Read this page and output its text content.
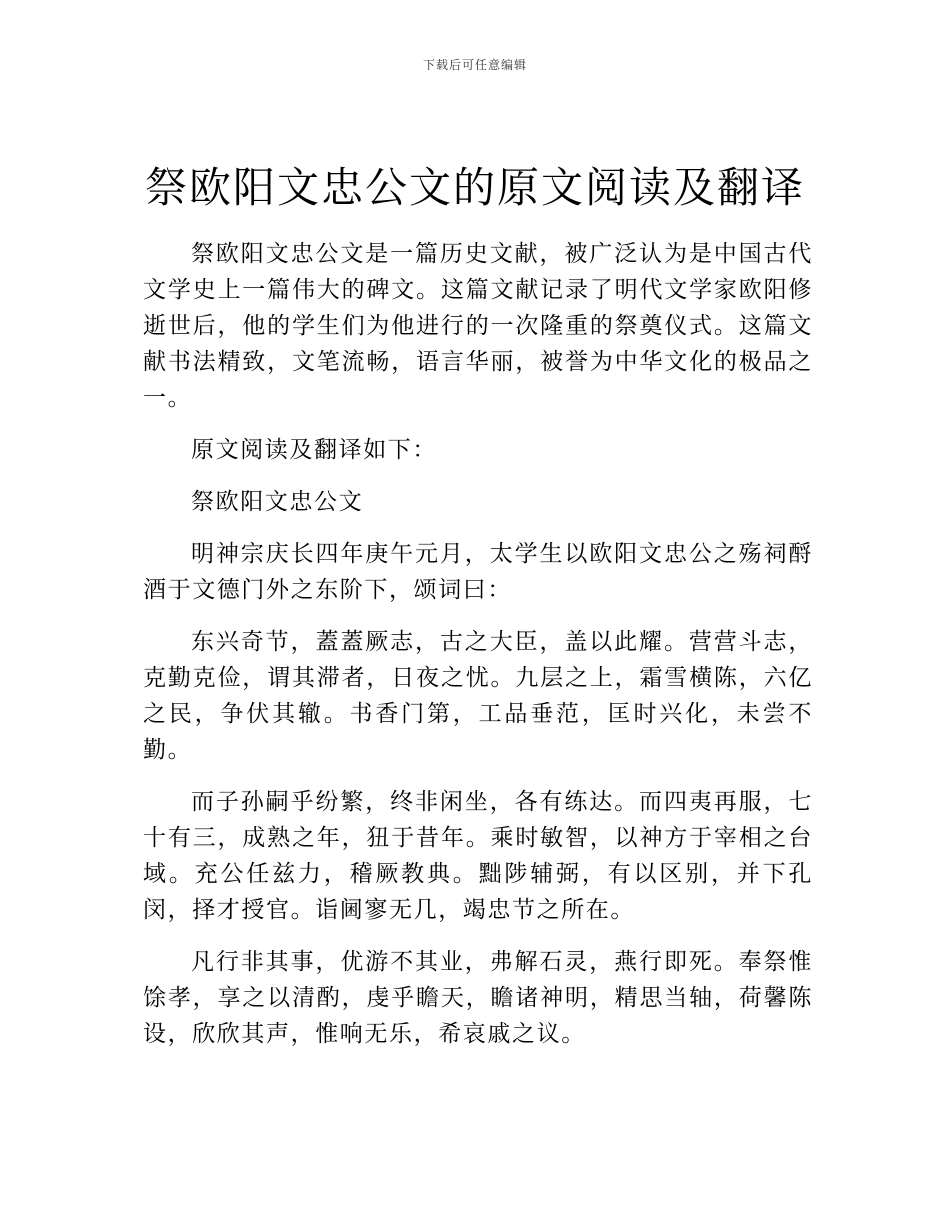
下载后可任意编辑
祭欧阳文忠公文的原文阅读及翻译

祭欧阳文忠公文是一篇历史文献，被广泛认为是中国古代文学史上一篇伟大的碑文。这篇文献记录了明代文学家欧阳修逝世后，他的学生们为他进行的一次隆重的祭奠仪式。这篇文献书法精致，文笔流畅，语言华丽，被誉为中华文化的极品之一。

原文阅读及翻译如下：

祭欧阳文忠公文

明神宗庆长四年庚午元月，太学生以欧阳文忠公之殇祠酹酒于文德门外之东阶下，颂词曰：

东兴奇节，蓋蓋厥志，古之大臣，盖以此耀。营营斗志，克勤克俭，谓其滞者，日夜之忧。九层之上，霜雪横陈，六亿之民，争伏其辙。书香门第，工品垂范，匡时兴化，未尝不勤。

而子孙嗣乎纷繁，终非闲坐，各有练达。而四夷再服，七十有三，成熟之年，狃于昔年。乘时敏智，以神方于宰相之台域。充公任兹力，稽厥教典。黜陟辅弼，有以区别，并下孔闵，择才授官。诣阃寥无几，竭忠节之所在。

凡行非其事，优游不其业，弗解石灵，燕行即死。奉祭惟馀孝，享之以清酌，虔乎瞻天，瞻诸神明，精思当轴，荷馨陈设，欣欣其声，惟响无乐，希哀戚之议。
